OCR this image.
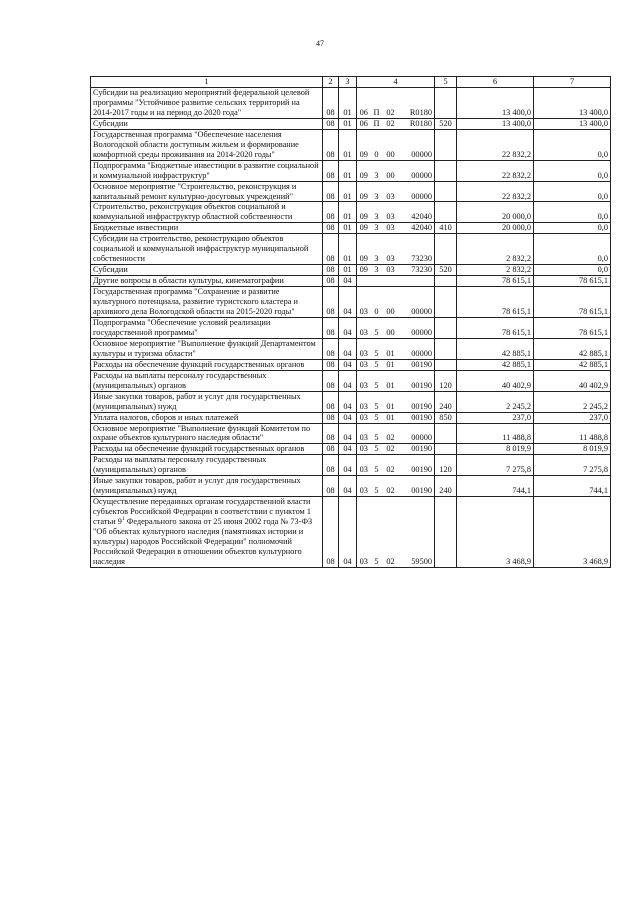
47
1	2	3	4				5	6	7
Субсидии на реализацию мероприятий федеральной целевой программы "Устойчивое развитие сельских территорий на 2014-2017 годы и на период до 2020 года"	08	01	06	П	02	R0180		13 400,0	13 400,0
Субсидии	08	01	06	П	02	R0180	520	13 400,0	13 400,0
Государственная программа "Обеспечение населения Вологодской области доступным жильем и формирование комфортной среды проживания на 2014-2020 годы"	08	01	09	0	00	00000		22 832,2	0,0
Подпрограмма "Бюджетные инвестиции в развитие социальной и коммунальной инфраструктур"	08	01	09	3	00	00000		22 832,2	0,0
Основное мероприятие "Строительство, реконструкция и капитальный ремонт культурно-досуговых учреждений"	08	01	09	3	03	00000		22 832,2	0,0
Строительство, реконструкция объектов социальной и коммунальной инфраструктур областной собственности	08	01	09	3	03	42040		20 000,0	0,0
Бюджетные инвестиции	08	01	09	3	03	42040	410	20 000,0	0,0
Субсидии на строительство, реконструкцию объектов социальной и коммунальной инфраструктур муниципальной собственности	08	01	09	3	03	73230		2 832,2	0,0
Субсидии	08	01	09	3	03	73230	520	2 832,2	0,0
Другие вопросы в области культуры, кинематографии	08	04						78 615,1	78 615,1
Государственная программа "Сохранение и развитие культурного потенциала, развитие туристского кластера и архивного дела Вологодской области на 2015-2020 годы"	08	04	03	0	00	00000		78 615,1	78 615,1
Подпрограмма "Обеспечение условий реализации государственной программы"	08	04	03	5	00	00000		78 615,1	78 615,1
Основное мероприятие "Выполнение функций Департаментом культуры и туризма области"	08	04	03	5	01	00000		42 885,1	42 885,1
Расходы на обеспечение функций государственных органов	08	04	03	5	01	00190		42 885,1	42 885,1
Расходы на выплаты персоналу государственных (муниципальных) органов	08	04	03	5	01	00190	120	40 402,9	40 402,9
Иные закупки товаров, работ и услуг для государственных (муниципальных) нужд	08	04	03	5	01	00190	240	2 245,2	2 245,2
Уплата налогов, сборов и иных платежей	08	04	03	5	01	00190	850	237,0	237,0
Основное мероприятие "Выполнение функций Комитетом по охране объектов культурного наследия области"	08	04	03	5	02	00000		11 488,8	11 488,8
Расходы на обеспечение функций государственных органов	08	04	03	5	02	00190		8 019,9	8 019,9
Расходы на выплаты персоналу государственных (муниципальных) органов	08	04	03	5	02	00190	120	7 275,8	7 275,8
Иные закупки товаров, работ и услуг для государственных (муниципальных) нужд	08	04	03	5	02	00190	240	744,1	744,1
Осуществление переданных органам государственной власти субъектов Российской Федерации в соответствии с пунктом 1 статьи $9^1$ Федерального закона от 25 июня 2002 года № 73-ФЗ "Об объектах культурного наследия (памятниках истории и культуры) народов Российской Федерации" полномочий Российской Федерации в отношении объектов культурного наследия	08	04	03	5	02	59500		3 468,9	3 468,9
